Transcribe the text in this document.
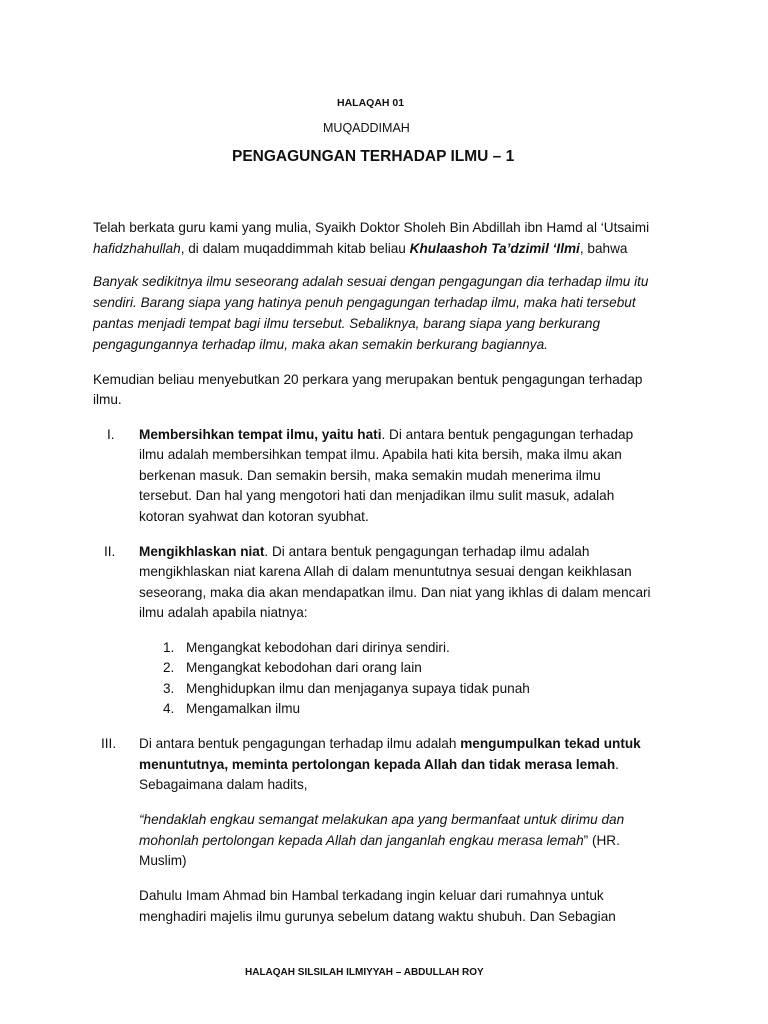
HALAQAH 01
MUQADDIMAH
PENGAGUNGAN TERHADAP ILMU – 1
Telah berkata guru kami yang mulia, Syaikh Doktor Sholeh Bin Abdillah ibn Hamd al ‘Utsaimi
hafidzhahullah, di dalam muqaddimmah kitab beliau Khulaashoh Ta’dzimil ‘Ilmi, bahwa
Banyak sedikitnya ilmu seseorang adalah sesuai dengan pengagungan dia terhadap ilmu itu
sendiri. Barang siapa yang hatinya penuh pengagungan terhadap ilmu, maka hati tersebut
pantas menjadi tempat bagi ilmu tersebut. Sebaliknya, barang siapa yang berkurang
pengagungannya terhadap ilmu, maka akan semakin berkurang bagiannya.
Kemudian beliau menyebutkan 20 perkara yang merupakan bentuk pengagungan terhadap
ilmu.
I. Membersihkan tempat ilmu, yaitu hati. Di antara bentuk pengagungan terhadap
ilmu adalah membersihkan tempat ilmu. Apabila hati kita bersih, maka ilmu akan
berkenan masuk. Dan semakin bersih, maka semakin mudah menerima ilmu
tersebut. Dan hal yang mengotori hati dan menjadikan ilmu sulit masuk, adalah
kotoran syahwat dan kotoran syubhat.
II. Mengikhlaskan niat. Di antara bentuk pengagungan terhadap ilmu adalah
mengikhlaskan niat karena Allah di dalam menuntutnya sesuai dengan keikhlasan
seseorang, maka dia akan mendapatkan ilmu. Dan niat yang ikhlas di dalam mencari
ilmu adalah apabila niatnya:
1. Mengangkat kebodohan dari dirinya sendiri.
2. Mengangkat kebodohan dari orang lain
3. Menghidupkan ilmu dan menjaganya supaya tidak punah
4. Mengamalkan ilmu
III. Di antara bentuk pengagungan terhadap ilmu adalah mengumpulkan tekad untuk
menuntutnya, meminta pertolongan kepada Allah dan tidak merasa lemah.
Sebagaimana dalam hadits,
“hendaklah engkau semangat melakukan apa yang bermanfaat untuk dirimu dan
mohonlah pertolongan kepada Allah dan janganlah engkau merasa lemah” (HR.
Muslim)
Dahulu Imam Ahmad bin Hambal terkadang ingin keluar dari rumahnya untuk
menghadiri majelis ilmu gurunya sebelum datang waktu shubuh. Dan Sebagian
HALAQAH SILSILAH ILMIYYAH – ABDULLAH ROY
